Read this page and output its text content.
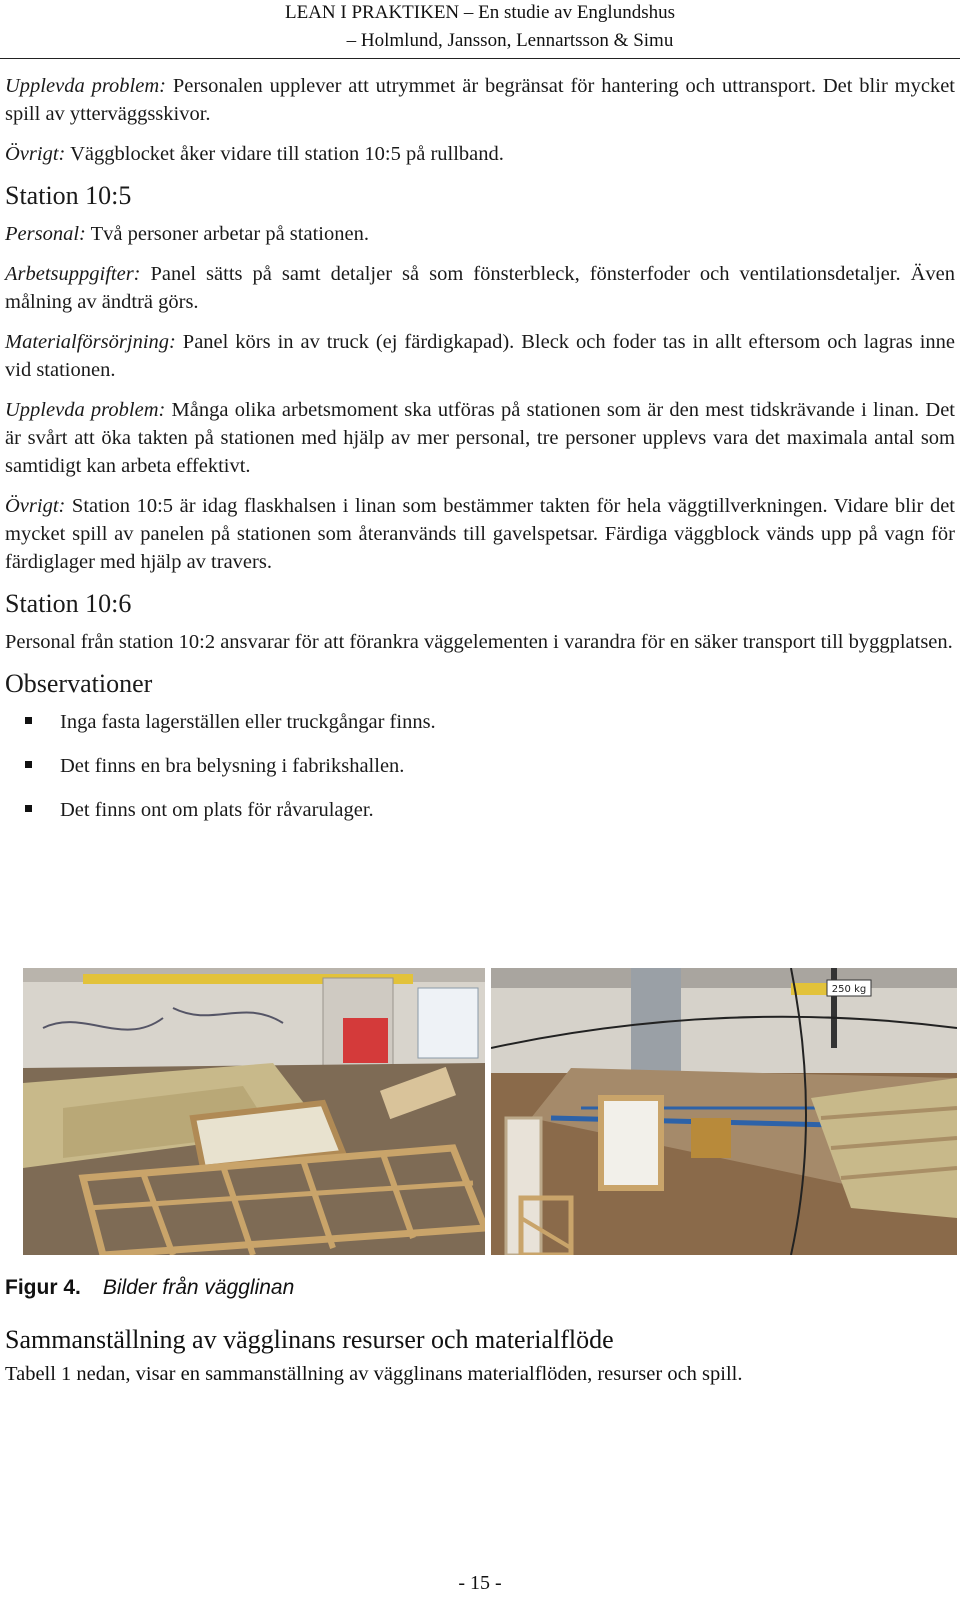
LEAN I PRAKTIKEN – En studie av Englundshus
– Holmlund, Jansson, Lennartsson & Simu

Upplevda problem: Personalen upplever att utrymmet är begränsat för hantering och uttransport. Det blir mycket spill av ytterväggsskivor.

Övrigt: Väggblocket åker vidare till station 10:5 på rullband.

Station 10:5

Personal: Två personer arbetar på stationen.

Arbetsuppgifter: Panel sätts på samt detaljer så som fönsterbleck, fönsterfoder och ventilationsdetaljer. Även målning av ändträ görs.

Materialförsörjning: Panel körs in av truck (ej färdigkapad). Bleck och foder tas in allt eftersom och lagras inne vid stationen.

Upplevda problem: Många olika arbetsmoment ska utföras på stationen som är den mest tidskrävande i linan. Det är svårt att öka takten på stationen med hjälp av mer personal, tre personer upplevs vara det maximala antal som samtidigt kan arbeta effektivt.

Övrigt: Station 10:5 är idag flaskhalsen i linan som bestämmer takten för hela väggtillverkningen. Vidare blir det mycket spill av panelen på stationen som återanvänds till gavelspetsar. Färdiga väggblock vänds upp på vagn för färdiglager med hjälp av travers.

Station 10:6

Personal från station 10:2 ansvarar för att förankra väggelementen i varandra för en säker transport till byggplatsen.

Observationer
Inga fasta lagerställen eller truckgångar finns.
Det finns en bra belysning i fabrikshallen.
Det finns ont om plats för råvarulager.
250 kg
Figur 4. Bilder från vägglinan
Sammanställning av vägglinans resurser och materialflöde

Tabell 1 nedan, visar en sammanställning av vägglinans materialflöden, resurser och spill.

- 15 -
